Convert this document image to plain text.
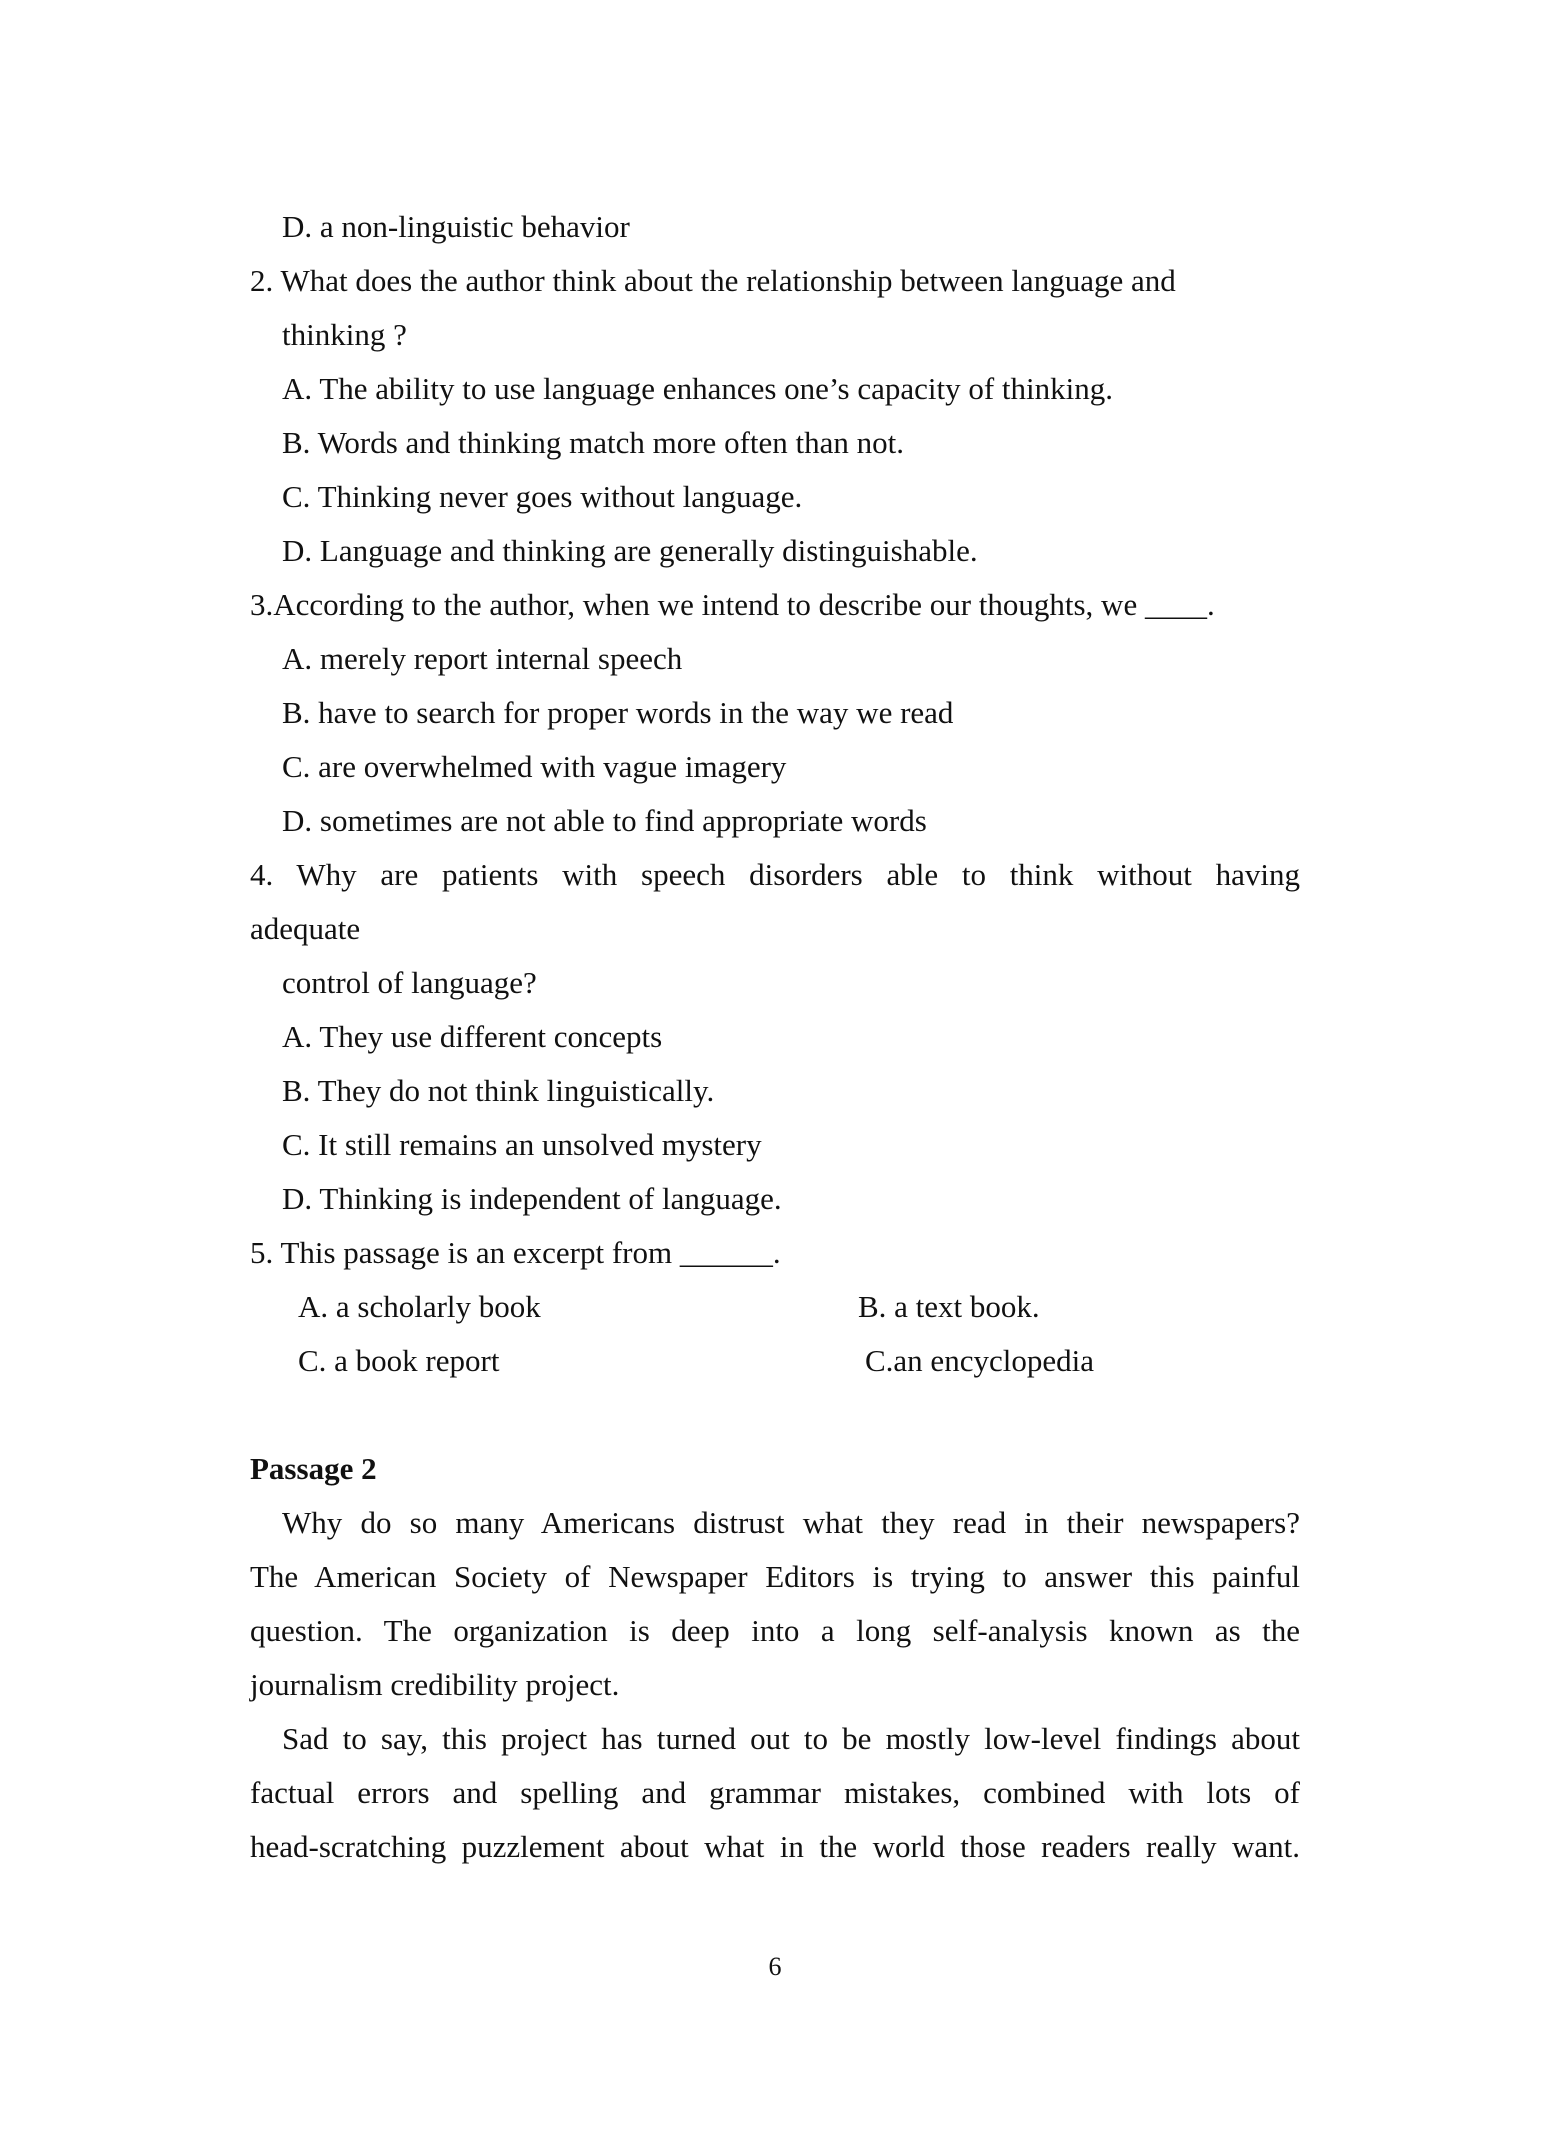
D. a non-linguistic behavior
2. What does the author think about the relationship between language and
thinking ?
A. The ability to use language enhances one’s capacity of thinking.
B. Words and thinking match more often than not.
C. Thinking never goes without language.
D. Language and thinking are generally distinguishable.
3.According to the author, when we intend to describe our thoughts, we ____.
A. merely report internal speech
B. have to search for proper words in the way we read
C. are overwhelmed with vague imagery
D. sometimes are not able to find appropriate words
4. Why are patients with speech disorders able to think without having
adequate
control of language?
A. They use different concepts
B. They do not think linguistically.
C. It still remains an unsolved mystery
D. Thinking is independent of language.
5. This passage is an excerpt from ______.
A. a scholarly book	B. a text book.
C. a book report	C.an encyclopedia
Passage 2
Why do so many Americans distrust what they read in their newspapers?
The American Society of Newspaper Editors is trying to answer this painful
question. The organization is deep into a long self-analysis known as the
journalism credibility project.
Sad to say, this project has turned out to be mostly low-level findings about
factual errors and spelling and grammar mistakes, combined with lots of
head-scratching puzzlement about what in the world those readers really want.
6
